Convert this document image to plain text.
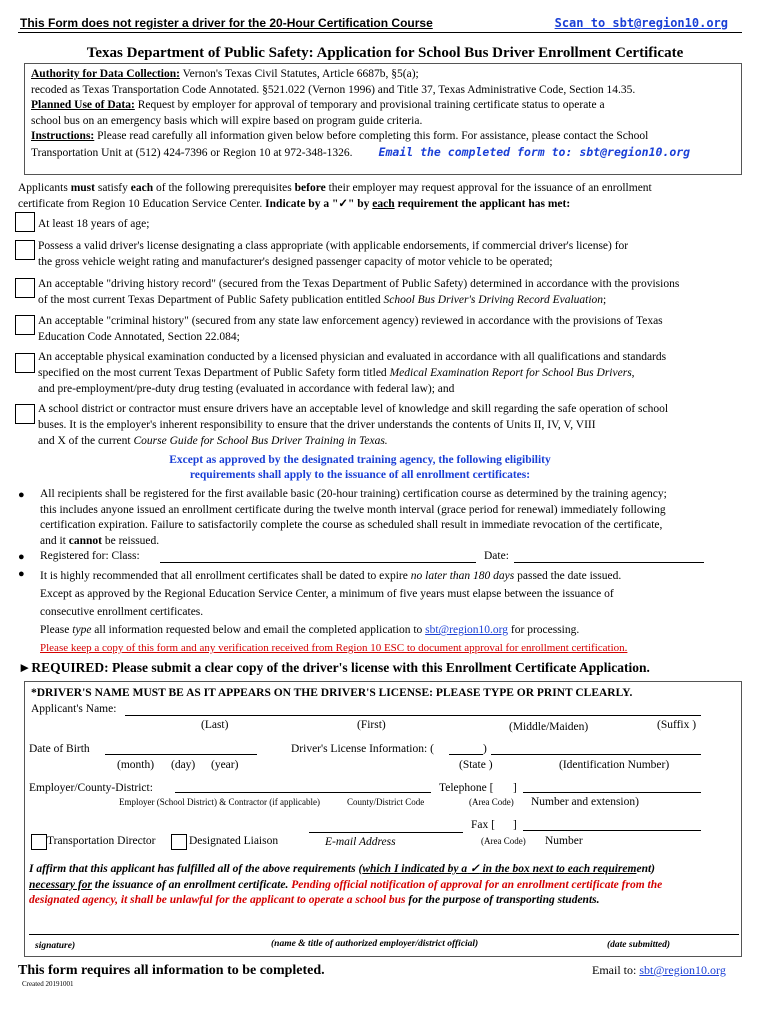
This Form does not register a driver for the 20-Hour Certification Course	Scan to sbt@region10.org
Texas Department of Public Safety: Application for School Bus Driver Enrollment Certificate
Authority for Data Collection: Vernon's Texas Civil Statutes, Article 6687b, §5(a);
recoded as Texas Transportation Code Annotated. §521.022 (Vernon 1996) and Title 37, Texas Administrative Code, Section 14.35.
Planned Use of Data: Request by employer for approval of temporary and provisional training certificate status to operate a
school bus on an emergency basis which will expire based on program guide criteria.
Instructions: Please read carefully all information given below before completing this form. For assistance, please contact the School
Transportation Unit at (512) 424-7396 or Region 10 at 972-348-1326. Email the completed form to: sbt@region10.org
Applicants must satisfy each of the following prerequisites before their employer may request approval for the issuance of an enrollment
certificate from Region 10 Education Service Center. Indicate by a "✓" by each requirement the applicant has met:
At least 18 years of age;
Possess a valid driver's license designating a class appropriate (with applicable endorsements, if commercial driver's license) for
the gross vehicle weight rating and manufacturer's designed passenger capacity of motor vehicle to be operated;
An acceptable "driving history record" (secured from the Texas Department of Public Safety) determined in accordance with the provisions
of the most current Texas Department of Public Safety publication entitled School Bus Driver's Driving Record Evaluation;
An acceptable "criminal history" (secured from any state law enforcement agency) reviewed in accordance with the provisions of Texas
Education Code Annotated, Section 22.084;
An acceptable physical examination conducted by a licensed physician and evaluated in accordance with all qualifications and standards
specified on the most current Texas Department of Public Safety form titled Medical Examination Report for School Bus Drivers,
and pre-employment/pre-duty drug testing (evaluated in accordance with federal law); and
A school district or contractor must ensure drivers have an acceptable level of knowledge and skill regarding the safe operation of school
buses. It is the employer's inherent responsibility to ensure that the driver understands the contents of Units II, IV, V, VIII
and X of the current Course Guide for School Bus Driver Training in Texas.
Except as approved by the designated training agency, the following eligibility
requirements shall apply to the issuance of all enrollment certificates:
● All recipients shall be registered for the first available basic (20-hour training) certification course as determined by the training agency;
this includes anyone issued an enrollment certificate during the twelve month interval (grace period for renewal) immediately following
certification expiration. Failure to satisfactorily complete the course as scheduled shall result in immediate revocation of the certificate,
and it cannot be reissued.
● Registered for: Class:	Date:
● It is highly recommended that all enrollment certificates shall be dated to expire no later than 180 days passed the date issued.
Except as approved by the Regional Education Service Center, a minimum of five years must elapse between the issuance of
consecutive enrollment certificates.
Please type all information requested below and email the completed application to sbt@region10.org for processing.
Please keep a copy of this form and any verification received from Region 10 ESC to document approval for enrollment certification.
►REQUIRED: Please submit a clear copy of the driver's license with this Enrollment Certificate Application.
*DRIVER'S NAME MUST BE AS IT APPEARS ON THE DRIVER'S LICENSE: PLEASE TYPE OR PRINT CLEARLY.
Applicant's Name:
(Last)	(First)	(Middle/Maiden)	(Suffix )
Date of Birth
(month) (day) (year)
Driver's License Information: (	)
(State )	(Identification Number)
Employer/County-District:	Telephone [ ]
Employer (School District) & Contractor (if applicable)	County/District Code	(Area Code) Number and extension)
Fax [ ]
Transportation Director	Designated Liaison	E-mail Address	(Area Code) Number
I affirm that this applicant has fulfilled all of the above requirements (which I indicated by a ✓ in the box next to each requirement)
necessary for the issuance of an enrollment certificate. Pending official notification of approval for an enrollment certificate from the
designated agency, it shall be unlawful for the applicant to operate a school bus for the purpose of transporting students.
signature)	(name & title of authorized employer/district official)	(date submitted)
This form requires all information to be completed.	Email to: sbt@region10.org
Created 20191001
